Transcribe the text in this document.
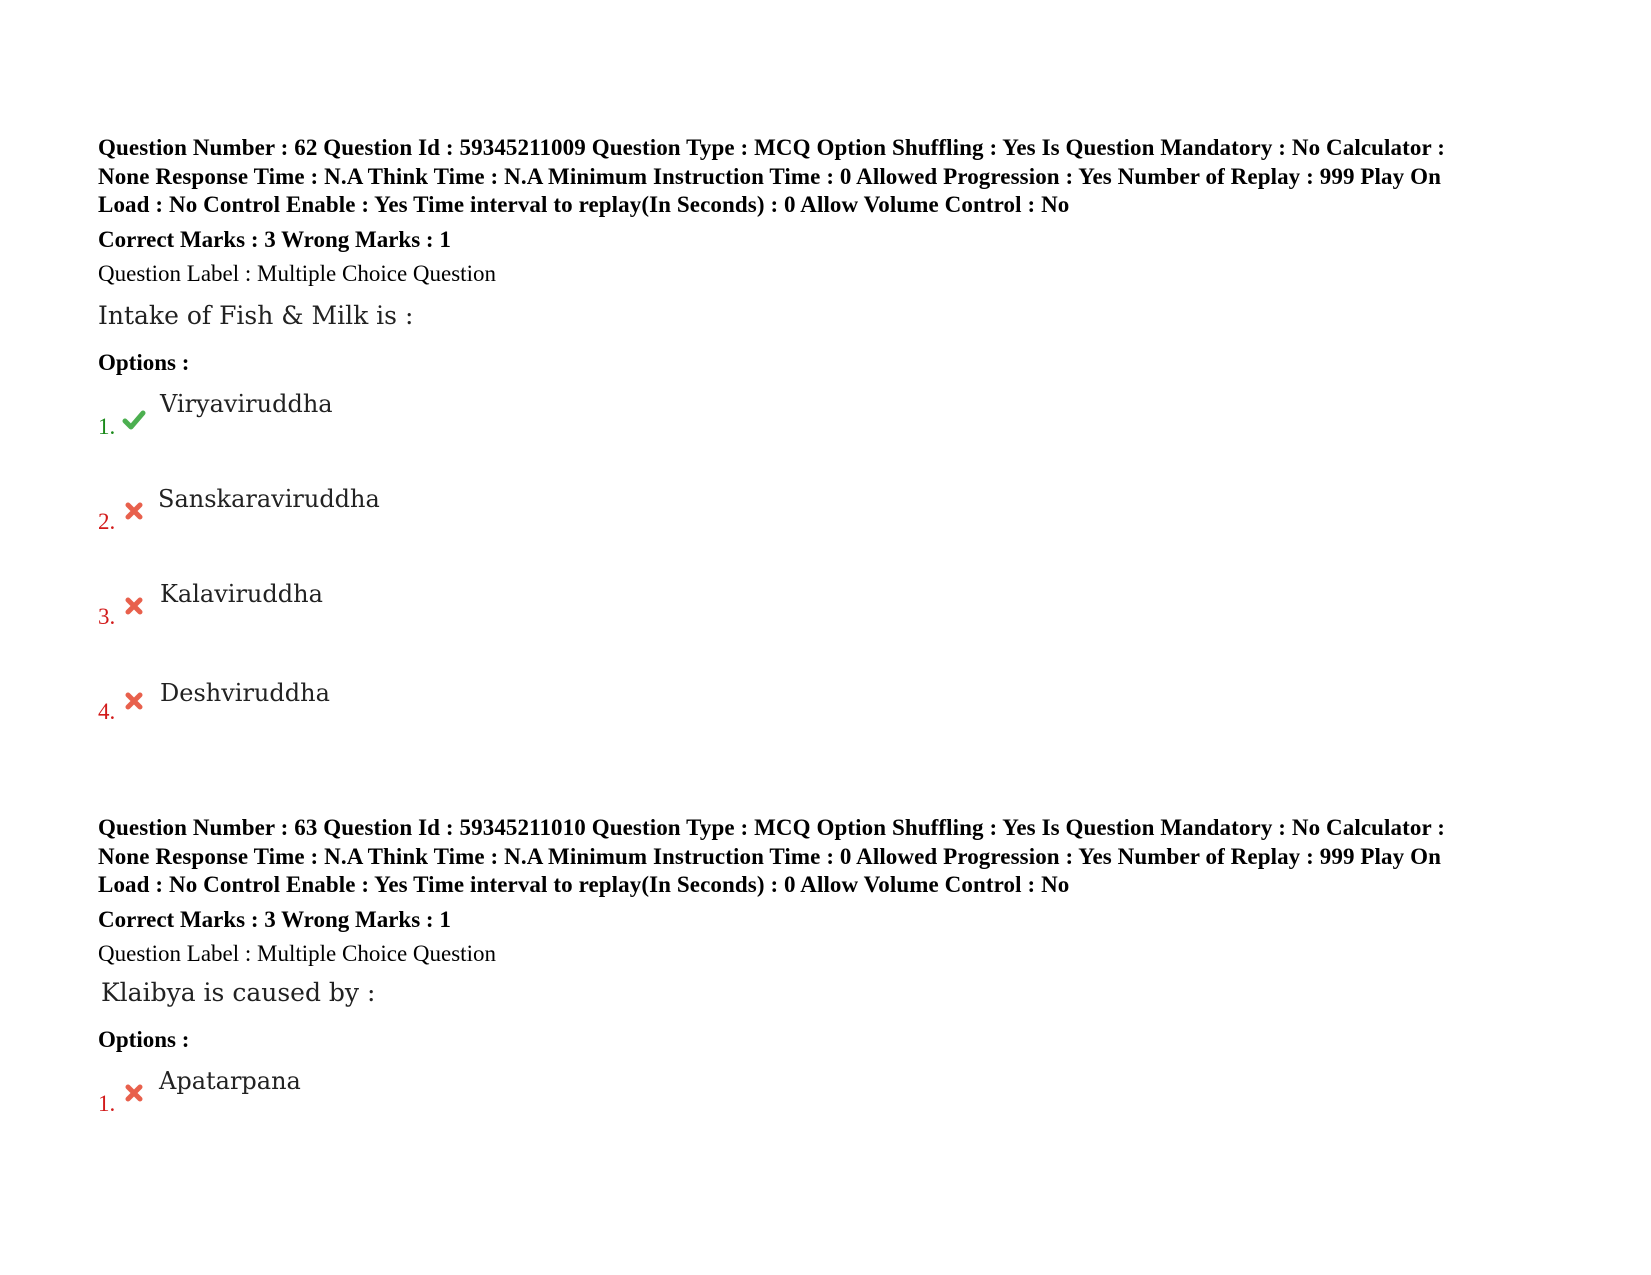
Question Number : 62 Question Id : 59345211009 Question Type : MCQ Option Shuffling : Yes Is Question Mandatory : No Calculator :
None Response Time : N.A Think Time : N.A Minimum Instruction Time : 0 Allowed Progression : Yes Number of Replay : 999 Play On
Load : No Control Enable : Yes Time interval to replay(In Seconds) : 0 Allow Volume Control : No

Correct Marks : 3 Wrong Marks : 1

Question Label : Multiple Choice Question

Intake of Fish & Milk is :

Options :

Viryaviruddha
1.
Sanskaraviruddha
2.
Kalaviruddha
3.
Deshviruddha
4.

Question Number : 63 Question Id : 59345211010 Question Type : MCQ Option Shuffling : Yes Is Question Mandatory : No Calculator :
None Response Time : N.A Think Time : N.A Minimum Instruction Time : 0 Allowed Progression : Yes Number of Replay : 999 Play On
Load : No Control Enable : Yes Time interval to replay(In Seconds) : 0 Allow Volume Control : No

Correct Marks : 3 Wrong Marks : 1

Question Label : Multiple Choice Question

Klaibya is caused by :

Options :

Apatarpana
1.
